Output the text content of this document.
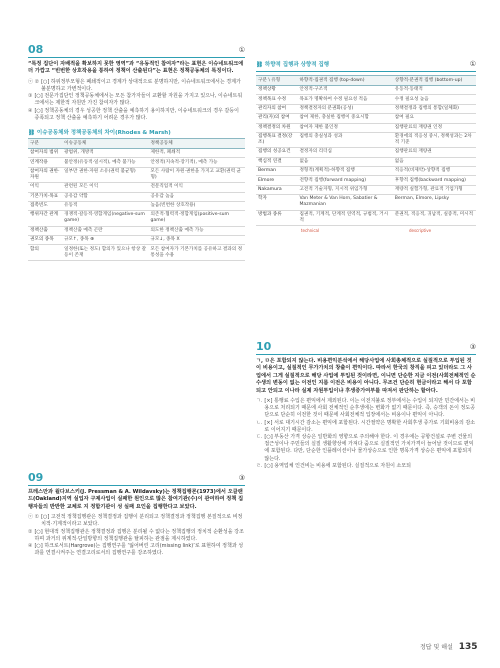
08	①
“특정 집단이 자배적을 확보하지 못한 영역”과 “유동적인 참여자”라는 표현은 이슈네트워크에 더 가깝고 “빈번한 상호작용을 통하여 정책이 산출된다”는 표현은 정책공동체의 특징이다.
ⓥ ② [○] 하위정부모형은 폐쇄적이고 경계가 상대적으로 분명하지만, 이슈네트워크에서는 경계가 불분명하고 가변적이다.
③ [○] 전문가집단인 정책공동체에서는 모든 참가자들이 교환할 자원을 가지고 있으나, 이슈네트워크에서는 제한적 자원만 가진 참여자가 많다.
④ [○] 정책공동체의 경우 성공한 정책 산출을 예측하기 용이하지만, 이슈네트워크의 경우 갈등이 증폭되고 정책 산출을 예측하기 어려운 경우가 많다.
⛓ 이슈공동체와 정책공동체의 차이(Rhodes & Marsh)
구분	이슈공동체	정책공동체
참여자의 범위	광범위, 개방적	제한적, 폐쇄적
연계작용	불안정(유동적·일시적), 예측 불가능	안정적(지속적·장기적), 예측 가능
참여자의 권한·자원	일부만 권한·자원 소유(권력 불균형)	모든 사람이 자원·권한을 가지고 교환(권력 균형)
이익	관련된 모든 이익	전문직업적 이익
기본가치·목표	공유감 약함	공유감 높음
접촉빈도	유동적	높음(빈번한 상호작용)
행위자간 관계	경쟁적·갈등적·영합게임(negative-sum game)	의존적·협력적·정합게임(positive-sum game)
정책산출	정책산출 예측 곤란	의도한 정책산출 예측 가능
권모의 종목	규모↑, 종목 ⊕	규모↓, 종목 X
합의	일정한(또는 정도) 합의가 있으나 항상 갈등이 존재	모든 참여자가 기본가치를 공유하고 결과의 정통성을 수용
09	③
프레스만과 윌다브스키(J. Pressman & A. Wildavsky)는 정책집행론(1973)에서 오클랜드(Oakland)지역 실업자 구제사업이 실패한 원인으로 많은 참여기관(수)이 관여하여 정책 집행자들의 반반한 교체로 지 정합기관이 성 실패 요인을 집행한다고 보았다.
ⓥ ① [○] 고전적 정책집행관은 정책결정과 집행이 분리되고 정책결정과 정책집행 본질적으로 비정치적·기계적이라고 보았다.
② [○] 현대적 정책집행관은 정책결정과 집행은 분리될 수 없다는 정책집행의 정치적 순환성을 강조하며 과거의 위계적·단일방향의 정책집행관을 탈피하는 관점을 제시하였다.
④ [○] 하크로서트(Hargrove)는 집행연구를 ‘잃어버린 고리(missing link)’로 표현하여 정책과 성과를 연결시켜주는 연결고리로서의 집행연구를 강조하였다.
⛓ 하향적 집행과 상향적 집행	①
구분 \ 유형	하향적·집권적 집행 (top-down)	상향적·분권적 집행 (bottom-up)
정책상황	안정적·구조적	유동적·동태적
정책목표 수정	목표가 명확하여 수정 필요성 적음	수정 필요성 높음
관리자의 참여	정책결정자의 분권화(공성)	정책결정과 집행의 통합(일체화)
관리(자)의 참여	참여 제한, 충실한 집행이 중요시함	참여 필요
정책결정의 차원	참여자 제한 불인정	집행관료의 재량권 인정
집행목표 결정(강조)	집행의 충실성과 성과	환경에의 적응성 중시, 정책성과는 2차적 기준
집행의 성공요건	결정자의 리더십	집행관료의 재량권
핵심적 연결	없음	없음
Berman	정형적(계획적)·하향적 집행	적응적(비제약)·상향적 집행
Elmore	전향적 집행(forward mapping)	후향적 집행(backward mapping)
Nakamura	고전적 기술자형, 지시적 위임가형	재량적 실험가형, 관료적 기업가형
학자	Van Meter & Van Horn, Sabatier & Mazmanian	Berman, Elmore, Lipsky
방법과 종류	집권적, 기계적, 단계적 연역적, 규범적, 거시적	분권적, 적응적, 귀납적, 실증적, 미시적
technical	descriptive
10	③
ㄱ, ㅁ은 포함되지 않는다. 비용편익분석에서 해당사업에 사회총체적으로 실질적으로 투입된 것이 비용이고, 실질적인 무가가치의 창출이 편익이다. 따라서 한국의 창직을 피고 있더라도 그 사업에서 그게 실질적으로 해당 사업에 투입된 것이라면, 이니면 단순한 지금 이전(사회전체적인 순수생의 변동이 없는 이전인 지름 이전은 비용이 아니다. 무조건 단순히 현금이라고 해서 다 포함되고 안되고 이나라 실제 자원투입이냐 후생증가여부를 따져서 판단하는 할아다.
ㄱ. [×] 통행료 수입은 편익에서 제외된다. 이는 이전지불로 정부에서는 수입이 되지만 민간에서는 비용으로 처리되기 때문에 사회 전체적인 순후생에는 변화가 없기 때문이다. 즉, 승객의 돈이 정도공단으로 단순히 이전한 것이 때문에 사회전체적 입장에서는 비용이나 편익이 아니다.
ㄴ. [×] 서로 대기시간 감소는 편익에 포함된다. 시간절약은 명확한 사회후생 증가로 기회비용의 감소로 이어지기 때문이다.
ㄷ. [○] 부동산 가격 상승은 일반화의 영향으로 주의해야 한다. 이 경우에는 공항건설로 주변 건물의 접근성이나 주민들의 실질 생활향상에 가져다 줌으로 실질적인 가치가격이 늘어날 것이므로 편익에 포함된다. 다만, 단순한 인플레이션이나 물가상승으로 인한 명목가격 상승은 편익에 포함되지 않는다.
ㄹ. [○] 용역업체 인건비는 비용에 포함된다. 실질적으로 자원이 소모되
정답 및 해설 135
